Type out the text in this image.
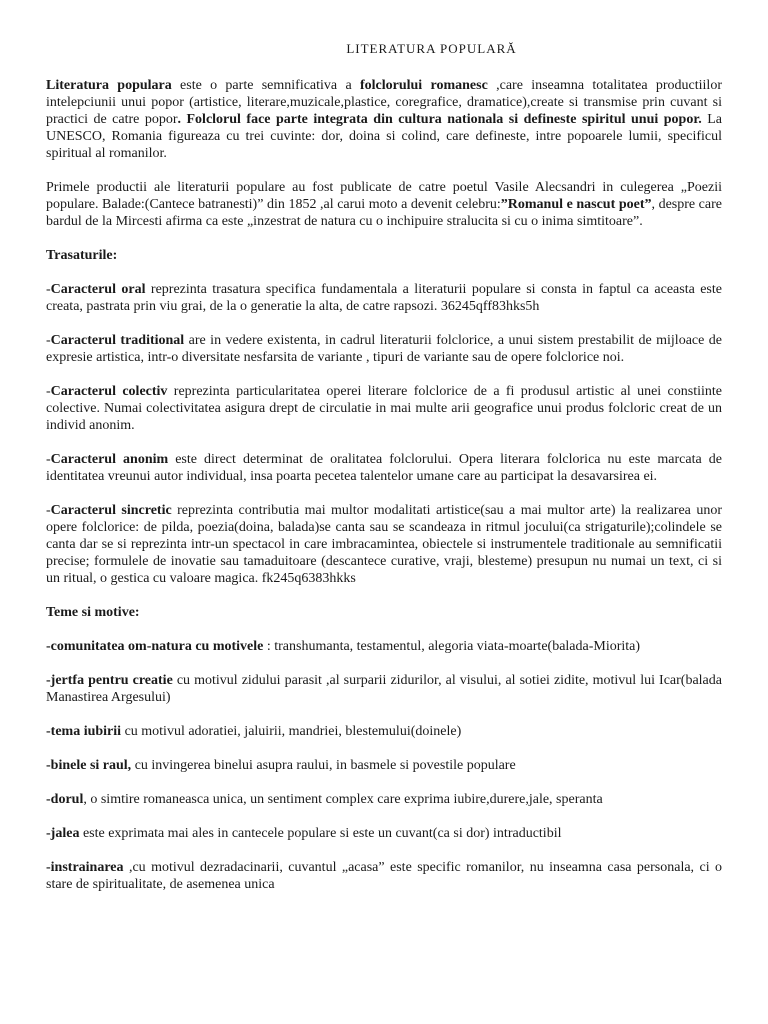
LITERATURA POPULARĂ

Literatura populara este o parte semnificativa a folclorului romanesc ,care inseamna totalitatea productiilor intelepciunii unui popor (artistice, literare,muzicale,plastice, coregrafice, dramatice),create si transmise prin cuvant si practici de catre popor. Folclorul face parte integrata din cultura nationala si defineste spiritul unui popor. La UNESCO, Romania figureaza cu trei cuvinte: dor, doina si colind, care defineste, intre popoarele lumii, specificul spiritual al romanilor.

Primele productii ale literaturii populare au fost publicate de catre poetul Vasile Alecsandri in culegerea „Poezii populare. Balade:(Cantece batranesti)” din 1852 ,al carui moto a devenit celebru:”Romanul e nascut poet”, despre care bardul de la Mircesti afirma ca este „inzestrat de natura cu o inchipuire stralucita si cu o inima simtitoare”.

Trasaturile:

-Caracterul oral reprezinta trasatura specifica fundamentala a literaturii populare si consta in faptul ca aceasta este creata, pastrata prin viu grai, de la o generatie la alta, de catre rapsozi. 36245qff83hks5h

-Caracterul traditional are in vedere existenta, in cadrul literaturii folclorice, a unui sistem prestabilit de mijloace de expresie artistica, intr-o diversitate nesfarsita de variante , tipuri de variante sau de opere folclorice noi.

-Caracterul colectiv reprezinta particularitatea operei literare folclorice de a fi produsul artistic al unei constiinte colective. Numai colectivitatea asigura drept de circulatie in mai multe arii geografice unui produs folcloric creat de un individ anonim.

-Caracterul anonim este direct determinat de oralitatea folclorului. Opera literara folclorica nu este marcata de identitatea vreunui autor individual, insa poarta pecetea talentelor umane care au participat la desavarsirea ei.

-Caracterul sincretic reprezinta contributia mai multor modalitati artistice(sau a mai multor arte) la realizarea unor opere folclorice: de pilda, poezia(doina, balada)se canta sau se scandeaza in ritmul jocului(ca strigaturile);colindele se canta dar se si reprezinta intr-un spectacol in care imbracamintea, obiectele si instrumentele traditionale au semnificatii precise; formulele de inovatie sau tamaduitoare (descantece curative, vraji, blesteme) presupun nu numai un text, ci si un ritual, o gestica cu valoare magica. fk245q6383hkks

Teme si motive:

-comunitatea om-natura cu motivele : transhumanta, testamentul, alegoria viata-moarte(balada-Miorita)

-jertfa pentru creatie cu motivul zidului parasit ,al surparii zidurilor, al visului, al sotiei zidite, motivul lui Icar(balada Manastirea Argesului)

-tema iubirii cu motivul adoratiei, jaluirii, mandriei, blestemului(doinele)

-binele si raul, cu invingerea binelui asupra raului, in basmele si povestile populare

-dorul, o simtire romaneasca unica, un sentiment complex care exprima iubire,durere,jale, speranta

-jalea este exprimata mai ales in cantecele populare si este un cuvant(ca si dor) intraductibil

-instrainarea ,cu motivul dezradacinarii, cuvantul „acasa” este specific romanilor, nu inseamna casa personala, ci o stare de spiritualitate, de asemenea unica
